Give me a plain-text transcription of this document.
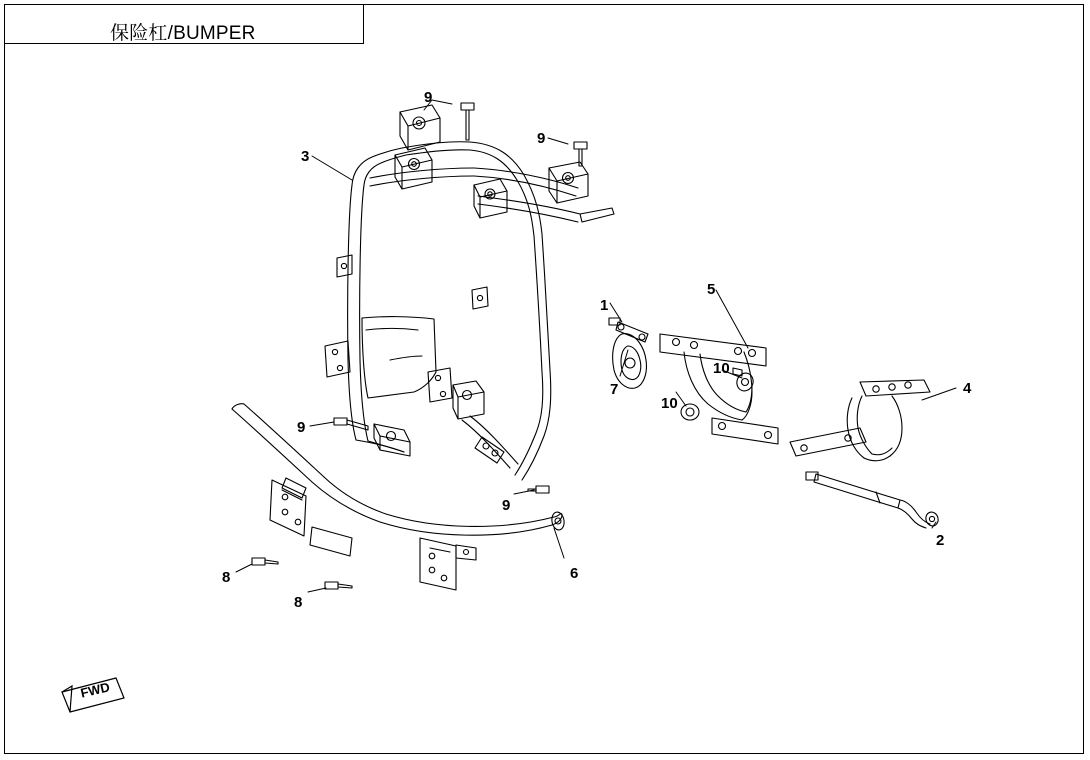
保险杠/BUMPER
FWD
1
2
3
4
5
6
7
8
8
9
9
9
9
10
10
